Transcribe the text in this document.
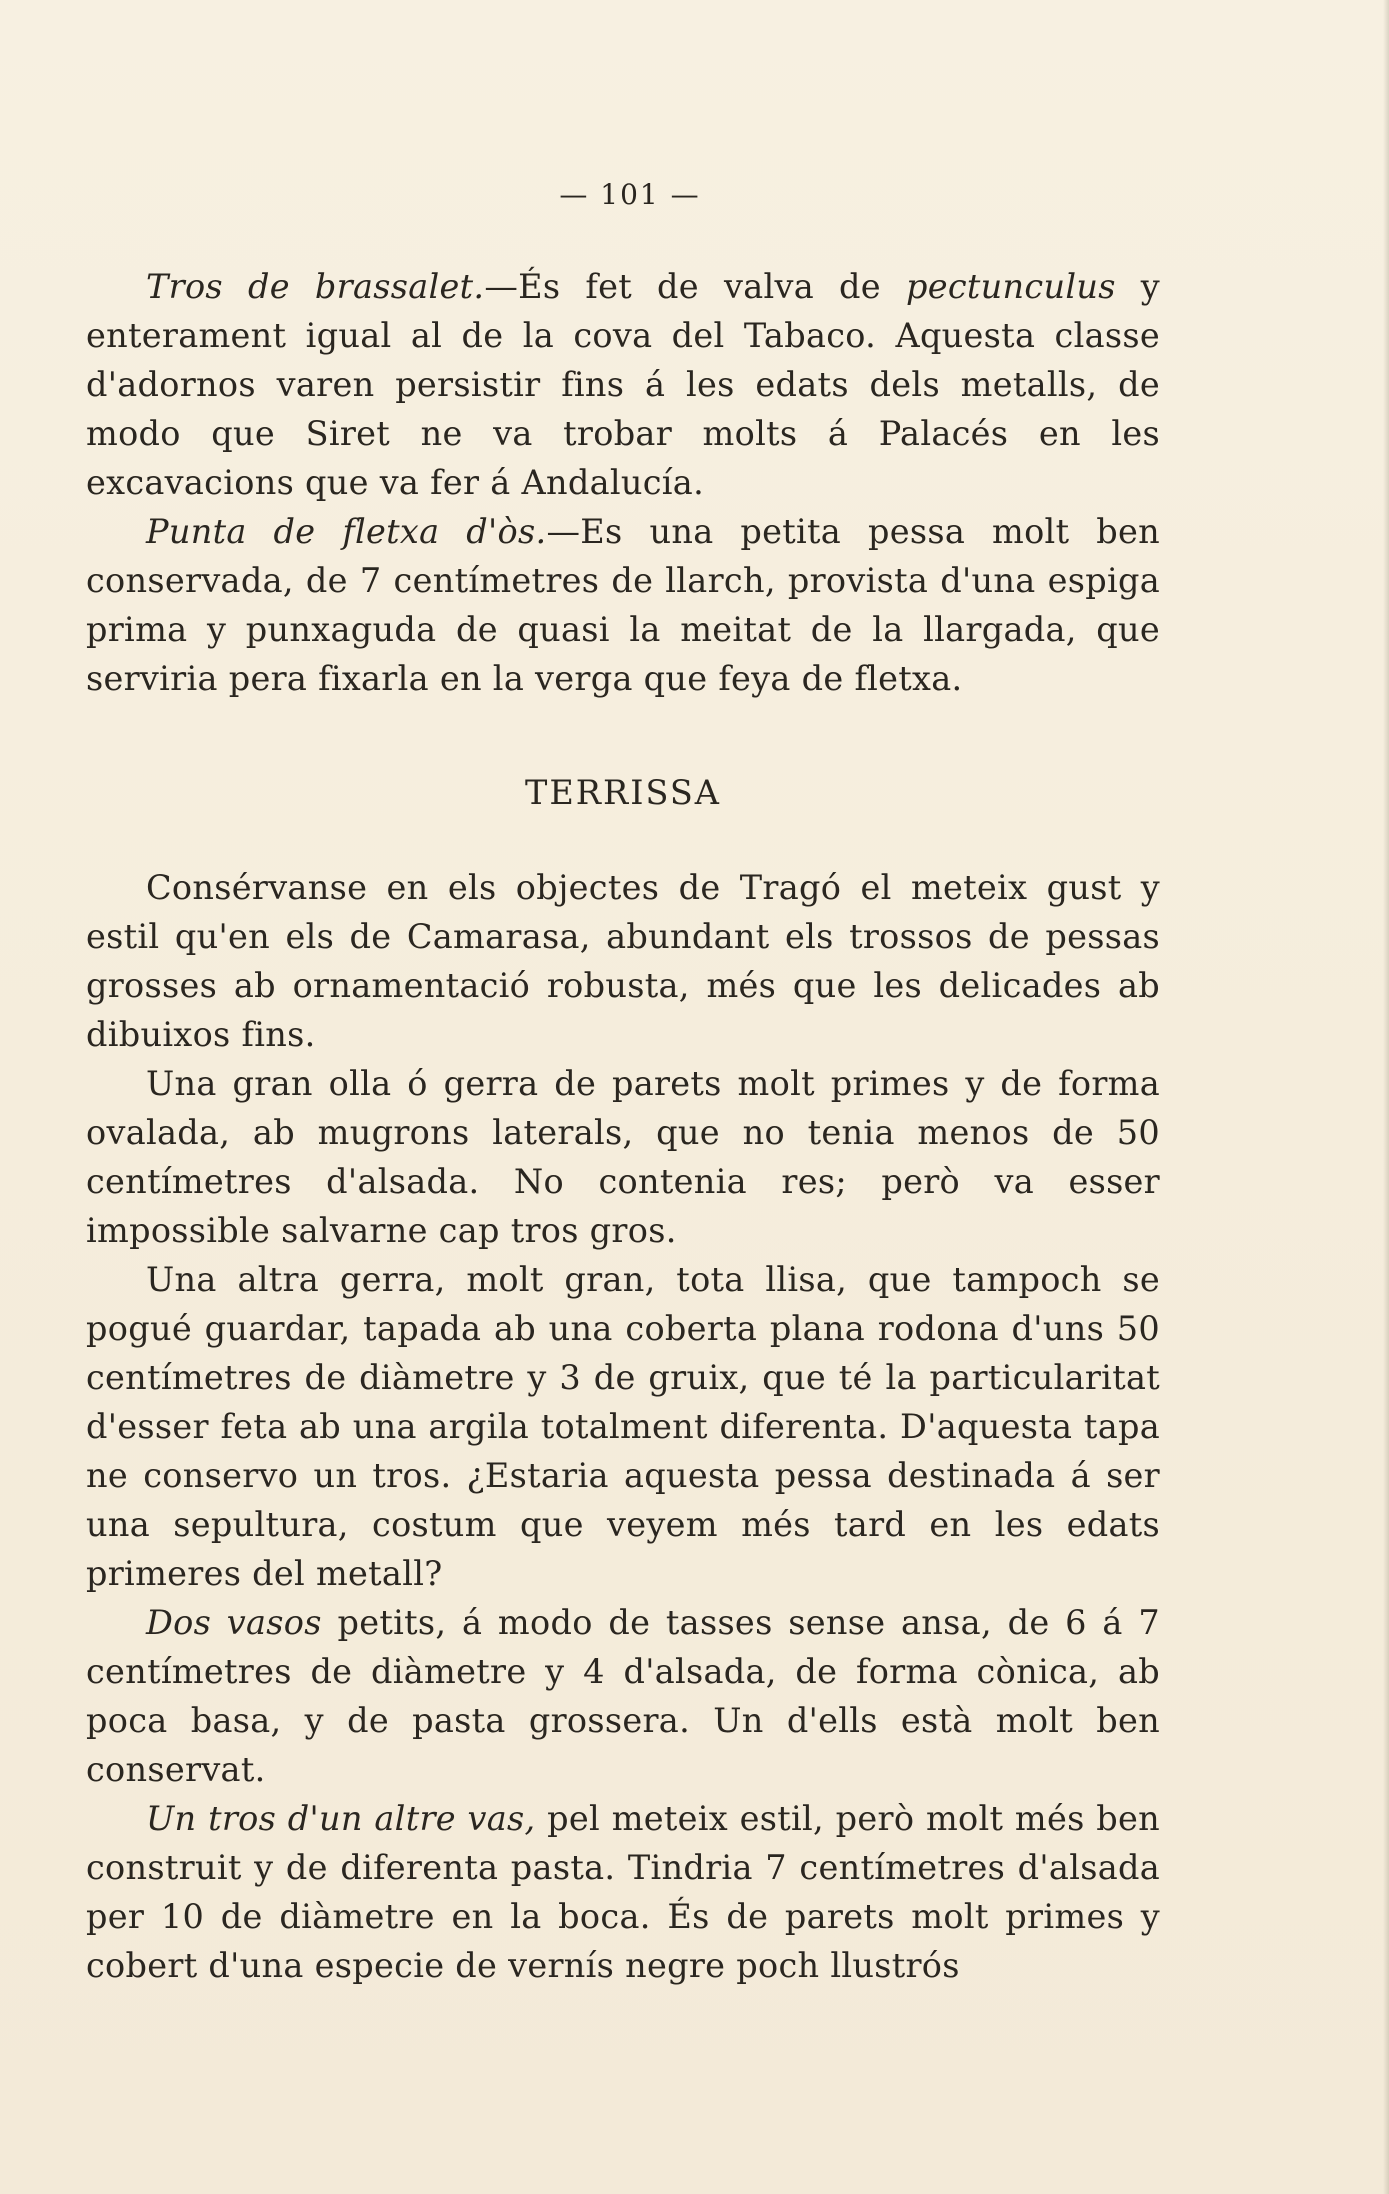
— 101 —

Tros de brassalet.—És fet de valva de pectunculus y enterament igual al de la cova del Tabaco. Aquesta classe d'adornos varen persistir fins á les edats dels metalls, de modo que Siret ne va trobar molts á Palacés en les excavacions que va fer á Andalucía.

Punta de fletxa d'òs.—Es una petita pessa molt ben conservada, de 7 centímetres de llarch, provista d'una espiga prima y punxaguda de quasi la meitat de la llargada, que serviria pera fixarla en la verga que feya de fletxa.

TERRISSA

Consérvanse en els objectes de Tragó el meteix gust y estil qu'en els de Camarasa, abundant els trossos de pessas grosses ab ornamentació robusta, més que les delicades ab dibuixos fins.

Una gran olla ó gerra de parets molt primes y de forma ovalada, ab mugrons laterals, que no tenia menos de 50 centímetres d'alsada. No contenia res; però va esser impossible salvarne cap tros gros.

Una altra gerra, molt gran, tota llisa, que tampoch se pogué guardar, tapada ab una coberta plana rodona d'uns 50 centímetres de diàmetre y 3 de gruix, que té la particularitat d'esser feta ab una argila totalment diferenta. D'aquesta tapa ne conservo un tros. ¿Estaria aquesta pessa destinada á ser una sepultura, costum que veyem més tard en les edats primeres del metall?

Dos vasos petits, á modo de tasses sense ansa, de 6 á 7 centímetres de diàmetre y 4 d'alsada, de forma cònica, ab poca basa, y de pasta grossera. Un d'ells està molt ben conservat.

Un tros d'un altre vas, pel meteix estil, però molt més ben construit y de diferenta pasta. Tindria 7 centímetres d'alsada per 10 de diàmetre en la boca. És de parets molt primes y cobert d'una especie de vernís negre poch llustrós
